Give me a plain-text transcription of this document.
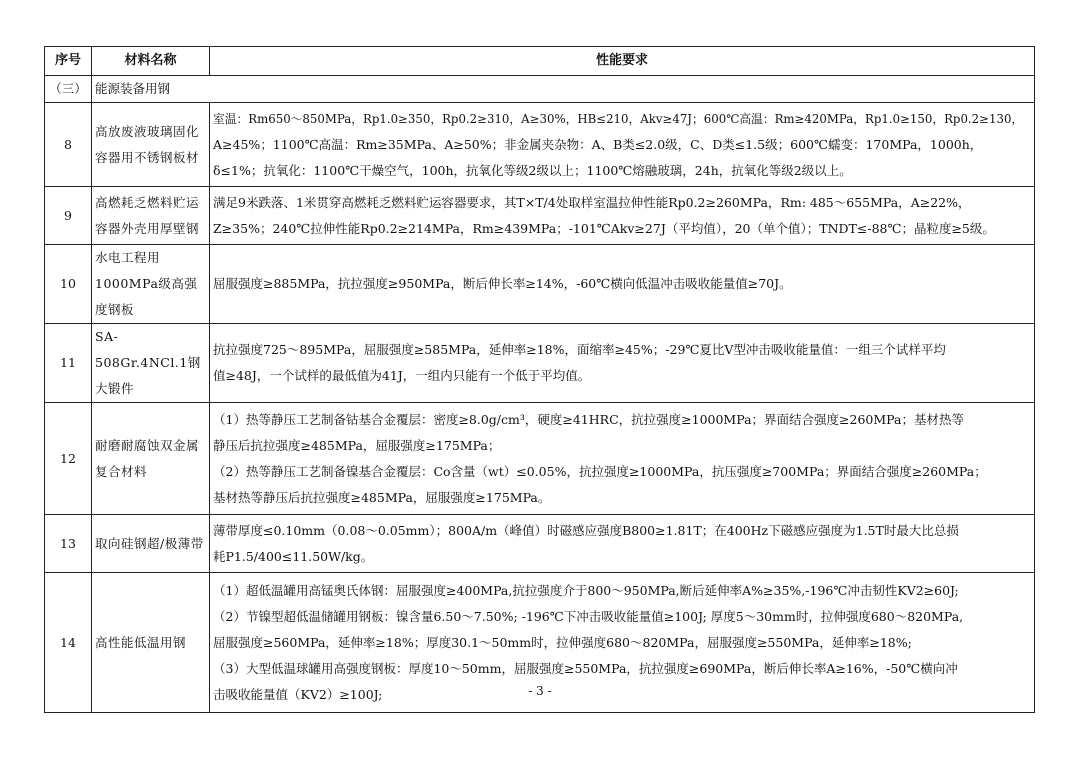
序号	材料名称	性能要求
（三）	能源装备用钢	
8	高放废液玻璃固化容器用不锈钢板材	室温：Rm650～850MPa，Rp1.0≥350，Rp0.2≥310，A≥30%，HB≤210，Akv≥47J；600℃高温：Rm≥420MPa，Rp1.0≥150，Rp0.2≥130，
A≥45%；1100℃高温：Rm≥35MPa、A≥50%；非金属夹杂物：A、B类≤2.0级，C、D类≤1.5级；600℃蠕变：170MPa，1000h，
δ≤1%；抗氧化：1100℃干燥空气，100h，抗氧化等级2级以上；1100℃熔融玻璃，24h，抗氧化等级2级以上。

9	高燃耗乏燃料贮运容器外壳用厚壁钢	满足9米跌落、1米贯穿高燃耗乏燃料贮运容器要求，其T×T/4处取样室温拉伸性能Rp0.2≥260MPa，Rm: 485～655MPa，A≥22%，
Z≥35%；240℃拉伸性能Rp0.2≥214MPa，Rm≥439MPa；-101℃Akv≥27J（平均值），20（单个值）；TNDT≤-88℃；晶粒度≥5级。

10	水电工程用1000MPa级高强度钢板	屈服强度≥885MPa，抗拉强度≥950MPa，断后伸长率≥14%，-60℃横向低温冲击吸收能量值≥70J。

11	SA-508Gr.4NCl.1钢大锻件	抗拉强度725～895MPa，屈服强度≥585MPa，延伸率≥18%，面缩率≥45%；-29℃夏比V型冲击吸收能量值：一组三个试样平均
值≥48J，一个试样的最低值为41J，一组内只能有一个低于平均值。

12	耐磨耐腐蚀双金属复合材料	（1）热等静压工艺制备钴基合金覆层：密度≥8.0g/cm³，硬度≥41HRC，抗拉强度≥1000MPa；界面结合强度≥260MPa；基材热等
静压后抗拉强度≥485MPa，屈服强度≥175MPa；
（2）热等静压工艺制备镍基合金覆层：Co含量（wt）≤0.05%，抗拉强度≥1000MPa，抗压强度≥700MPa；界面结合强度≥260MPa；
基材热等静压后抗拉强度≥485MPa，屈服强度≥175MPa。

13	取向硅钢超/极薄带	薄带厚度≤0.10mm（0.08～0.05mm）；800A/m（峰值）时磁感应强度B800≥1.81T；在400Hz下磁感应强度为1.5T时最大比总损
耗P1.5/400≤11.50W/kg。

14	高性能低温用钢	（1）超低温罐用高锰奥氏体钢：屈服强度≥400MPa,抗拉强度介于800～950MPa,断后延伸率A%≥35%,-196℃冲击韧性KV2≥60J;
（2）节镍型超低温储罐用钢板：镍含量6.50～7.50%; -196℃下冲击吸收能量值≥100J; 厚度5～30mm时，拉伸强度680～820MPa,
屈服强度≥560MPa，延伸率≥18%；厚度30.1～50mm时，拉伸强度680～820MPa，屈服强度≥550MPa，延伸率≥18%;
（3）大型低温球罐用高强度钢板：厚度10～50mm，屈服强度≥550MPa，抗拉强度≥690MPa，断后伸长率A≥16%，-50℃横向冲
击吸收能量值（KV2）≥100J;	- 3 -
